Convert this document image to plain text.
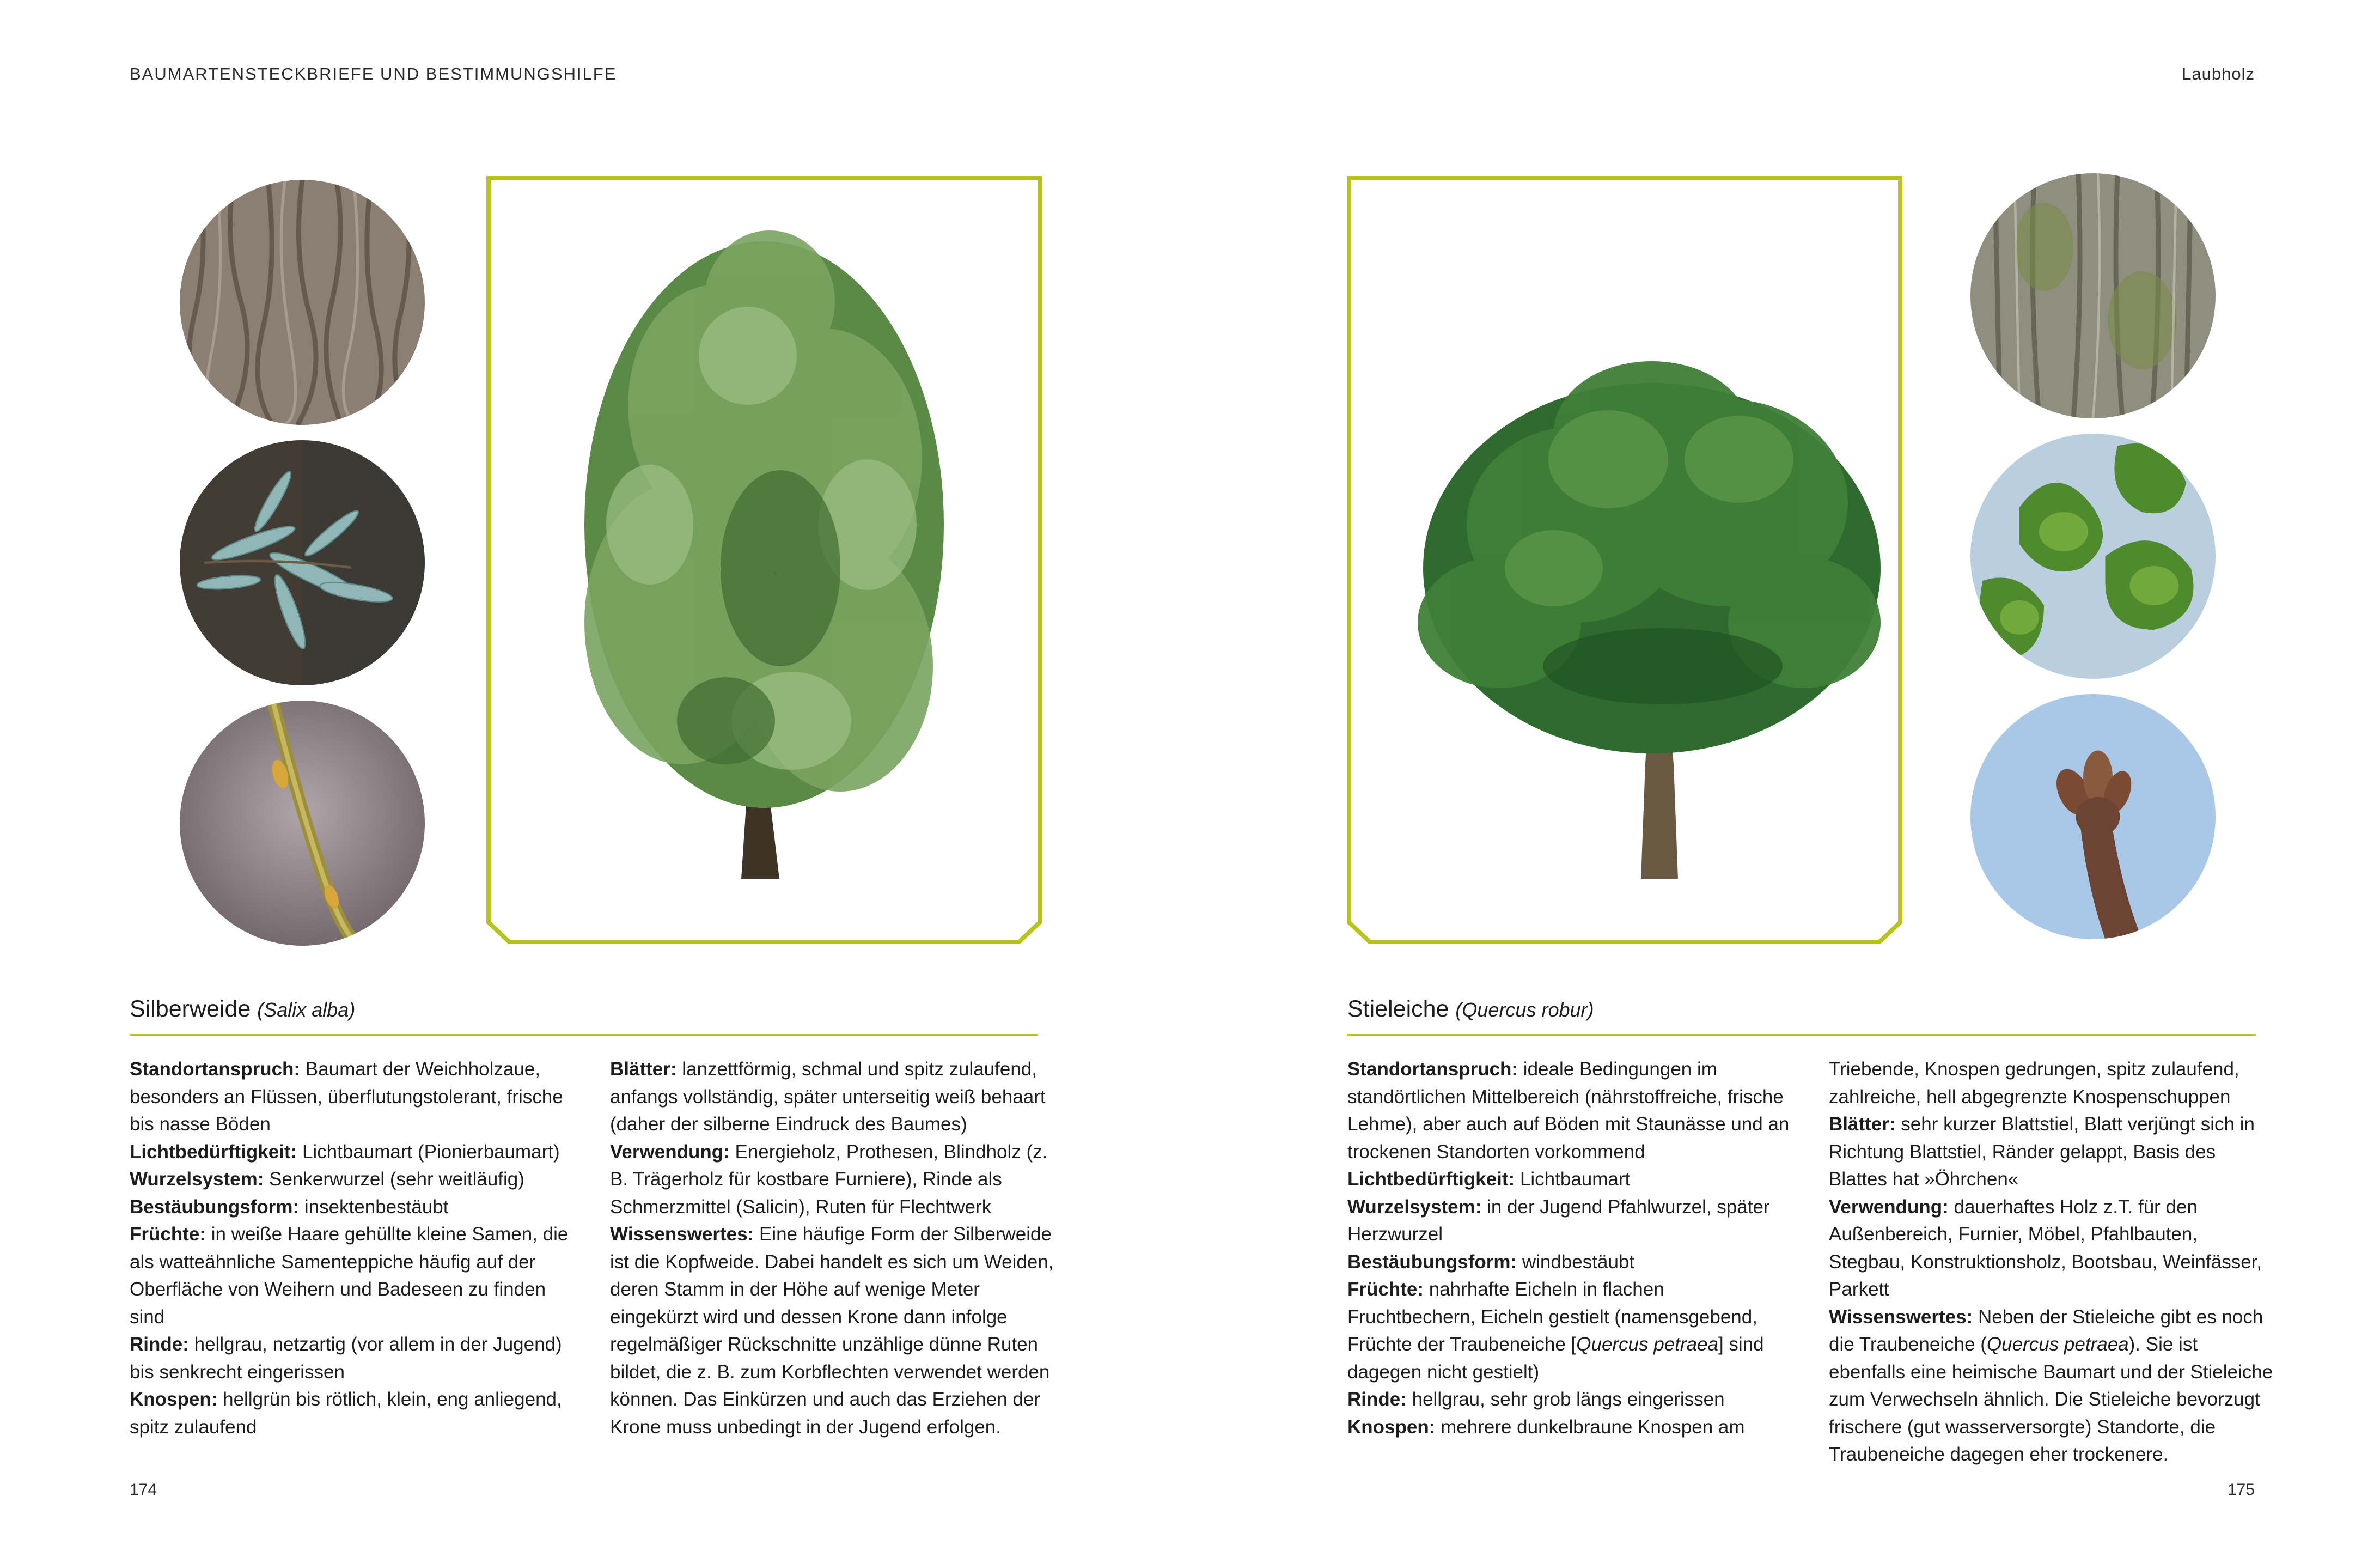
BAUMARTENSTECKBRIEFE UND BESTIMMUNGSHILFE	Laubholz
Silberweide (Salix alba)

Standortanspruch: Baumart der Weichholzaue, besonders an Flüssen, überflutungstolerant, frische bis nasse Böden

Lichtbedürftigkeit: Lichtbaumart (Pionierbaumart)

Wurzelsystem: Senkerwurzel (sehr weitläufig)

Bestäubungsform: insektenbestäubt

Früchte: in weiße Haare gehüllte kleine Samen, die als watteähnliche Samenteppiche häufig auf der Oberfläche von Weihern und Badeseen zu finden sind

Rinde: hellgrau, netzartig (vor allem in der Jugend) bis senkrecht eingerissen

Knospen: hellgrün bis rötlich, klein, eng anliegend, spitz zulaufend

Blätter: lanzettförmig, schmal und spitz zulaufend, anfangs vollständig, später unterseitig weiß behaart (daher der silberne Eindruck des Baumes)

Verwendung: Energieholz, Prothesen, Blindholz (z. B. Trägerholz für kostbare Furniere), Rinde als Schmerzmittel (Salicin), Ruten für Flechtwerk

Wissenswertes: Eine häufige Form der Silberweide ist die Kopfweide. Dabei handelt es sich um Weiden, deren Stamm in der Höhe auf wenige Meter eingekürzt wird und dessen Krone dann infolge regelmäßiger Rückschnitte unzählige dünne Ruten bildet, die z. B. zum Korbflechten verwendet werden können. Das Einkürzen und auch das Erziehen der Krone muss unbedingt in der Jugend erfolgen.

Stieleiche (Quercus robur)

Standortanspruch: ideale Bedingungen im standörtlichen Mittelbereich (nährstoffreiche, frische Lehme), aber auch auf Böden mit Staunässe und an trockenen Standorten vorkommend

Lichtbedürftigkeit: Lichtbaumart

Wurzelsystem: in der Jugend Pfahlwurzel, später Herzwurzel

Bestäubungsform: windbestäubt

Früchte: nahrhafte Eicheln in flachen Fruchtbechern, Eicheln gestielt (namensgebend, Früchte der Traubeneiche [Quercus petraea] sind dagegen nicht gestielt)

Rinde: hellgrau, sehr grob längs eingerissen

Knospen: mehrere dunkelbraune Knospen am

Triebende, Knospen gedrungen, spitz zulaufend, zahlreiche, hell abgegrenzte Knospenschuppen

Blätter: sehr kurzer Blattstiel, Blatt verjüngt sich in Richtung Blattstiel, Ränder gelappt, Basis des Blattes hat »Öhrchen«

Verwendung: dauerhaftes Holz z.T. für den Außenbereich, Furnier, Möbel, Pfahlbauten, Stegbau, Konstruktionsholz, Bootsbau, Weinfässer, Parkett

Wissenswertes: Neben der Stieleiche gibt es noch die Traubeneiche (Quercus petraea). Sie ist ebenfalls eine heimische Baumart und der Stieleiche zum Verwechseln ähnlich. Die Stieleiche bevorzugt frischere (gut wasserversorgte) Standorte, die Traubeneiche dagegen eher trockenere.

174	175
